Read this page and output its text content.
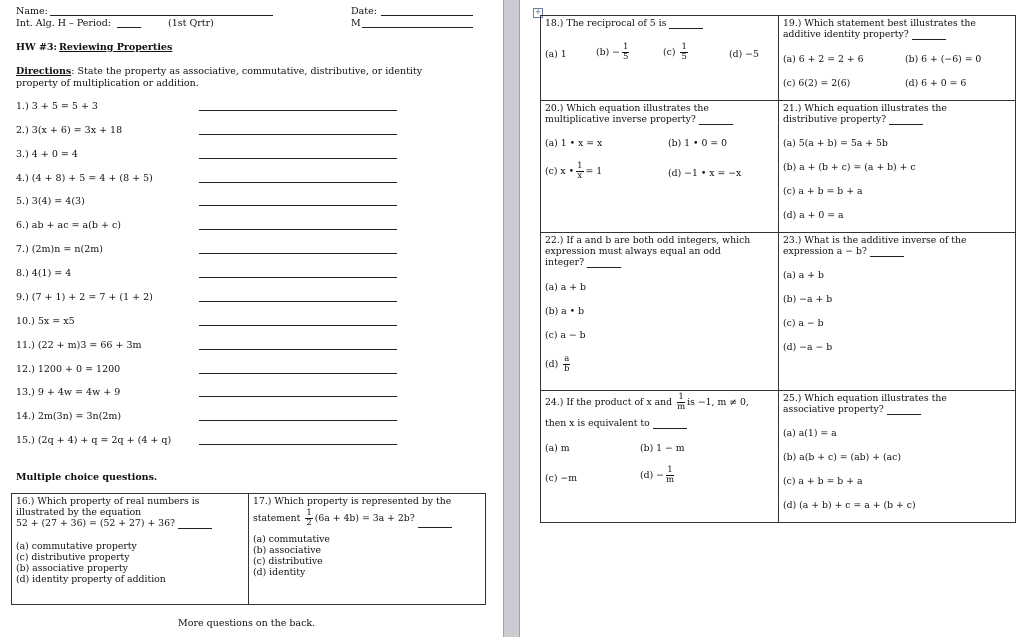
Name:	Date:
Int. Alg. H – Period:	(1st Qrtr)	M
HW #3: Reviewing Properties
Directions: State the property as associative, commutative, distributive, or identity
property of multiplication or addition.
1.) 3 + 5 = 5 + 3
2.) 3(x + 6) = 3x + 18
3.) 4 + 0 = 4
4.) (4 + 8) + 5 = 4 + (8 + 5)
5.) 3(4) = 4(3)
6.) ab + ac = a(b + c)
7.) (2m)n = n(2m)
8.) 4(1) = 4
9.) (7 + 1) + 2 = 7 + (1 + 2)
10.) 5x = x5
11.) (22 + m)3 = 66 + 3m
12.) 1200 + 0 = 1200
13.) 9 + 4w = 4w + 9
14.) 2m(3n) = 3n(2m)
15.) (2q + 4) + q = 2q + (4 + q)
Multiple choice questions.
16.) Which property of real numbers is
illustrated by the equation
52 + (27 + 36) = (52 + 27) + 36?
(a) commutative property
(c) distributive property
(b) associative property
(d) identity property of addition
17.) Which property is represented by the
statement $\frac{1}{2} (6a + 4b) = 3a + 2b$?
(a) commutative
(b) associative
(c) distributive
(d) identity
More questions on the back.
+
18.) The reciprocal of 5 is
(a) 1	$(b) - \frac{1}{5}$	$(c) \frac{1}{5}$	(d) −5
19.) Which statement best illustrates the
additive identity property?
(a) 6 + 2 = 2 + 6	(b) 6 + (−6) = 0
(c) 6(2) = 2(6)	(d) 6 + 0 = 6
20.) Which equation illustrates the
multiplicative inverse property?
(a) 1 • x = x	(b) 1 • 0 = 0
(c) x • $\frac{1}{x} = 1$	(d) −1 • x = −x
21.) Which equation illustrates the
distributive property?
(a) 5(a + b) = 5a + 5b
(b) a + (b + c) = (a + b) + c
(c) a + b = b + a
(d) a + 0 = a
22.) If a and b are both odd integers, which
expression must always equal an odd
integer?
(a) a + b
(b) a • b
(c) a − b
$(d) \frac{a}{b}$
23.) What is the additive inverse of the
expression a − b?
(a) a + b
(b) −a + b
(c) a − b
(d) −a − b
24.) If the product of x and $\frac{1}{m}$ is −1, m ≠ 0,
then x is equivalent to
(a) m	(b) 1 − m
(c) −m	$(d) - \frac{1}{m}$
25.) Which equation illustrates the
associative property?
(a) a(1) = a
(b) a(b + c) = (ab) + (ac)
(c) a + b = b + a
(d) (a + b) + c = a + (b + c)
